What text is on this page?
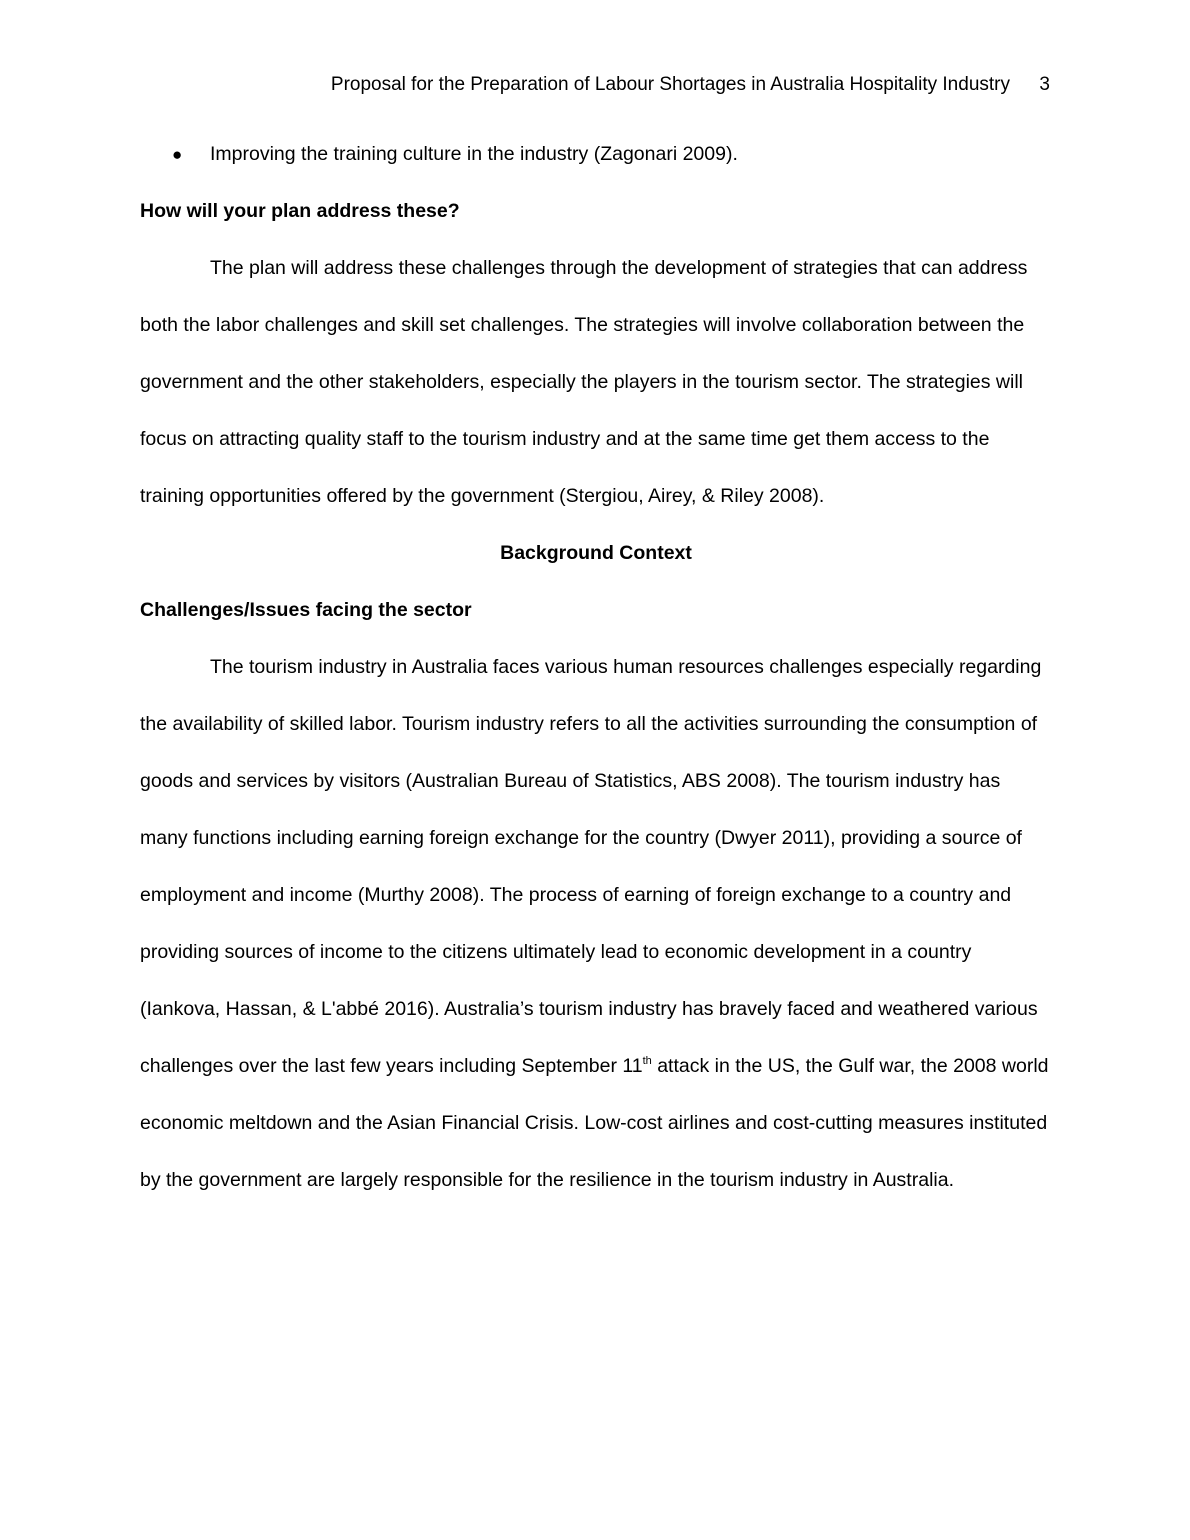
Proposal for the Preparation of Labour Shortages in Australia Hospitality Industry 3
●	Improving the training culture in the industry (Zagonari 2009).

How will your plan address these?

The plan will address these challenges through the development of strategies that can address both the labor challenges and skill set challenges. The strategies will involve collaboration between the government and the other stakeholders, especially the players in the tourism sector. The strategies will focus on attracting quality staff to the tourism industry and at the same time get them access to the training opportunities offered by the government (Stergiou, Airey, & Riley 2008).

Background Context

Challenges/Issues facing the sector

The tourism industry in Australia faces various human resources challenges especially regarding the availability of skilled labor. Tourism industry refers to all the activities surrounding the consumption of goods and services by visitors (Australian Bureau of Statistics, ABS 2008). The tourism industry has many functions including earning foreign exchange for the country (Dwyer 2011), providing a source of employment and income (Murthy 2008). The process of earning of foreign exchange to a country and providing sources of income to the citizens ultimately lead to economic development in a country (Iankova, Hassan, & L'abbé 2016). Australia’s tourism industry has bravely faced and weathered various challenges over the last few years including September 11th attack in the US, the Gulf war, the 2008 world economic meltdown and the Asian Financial Crisis. Low-cost airlines and cost-cutting measures instituted by the government are largely responsible for the resilience in the tourism industry in Australia.
